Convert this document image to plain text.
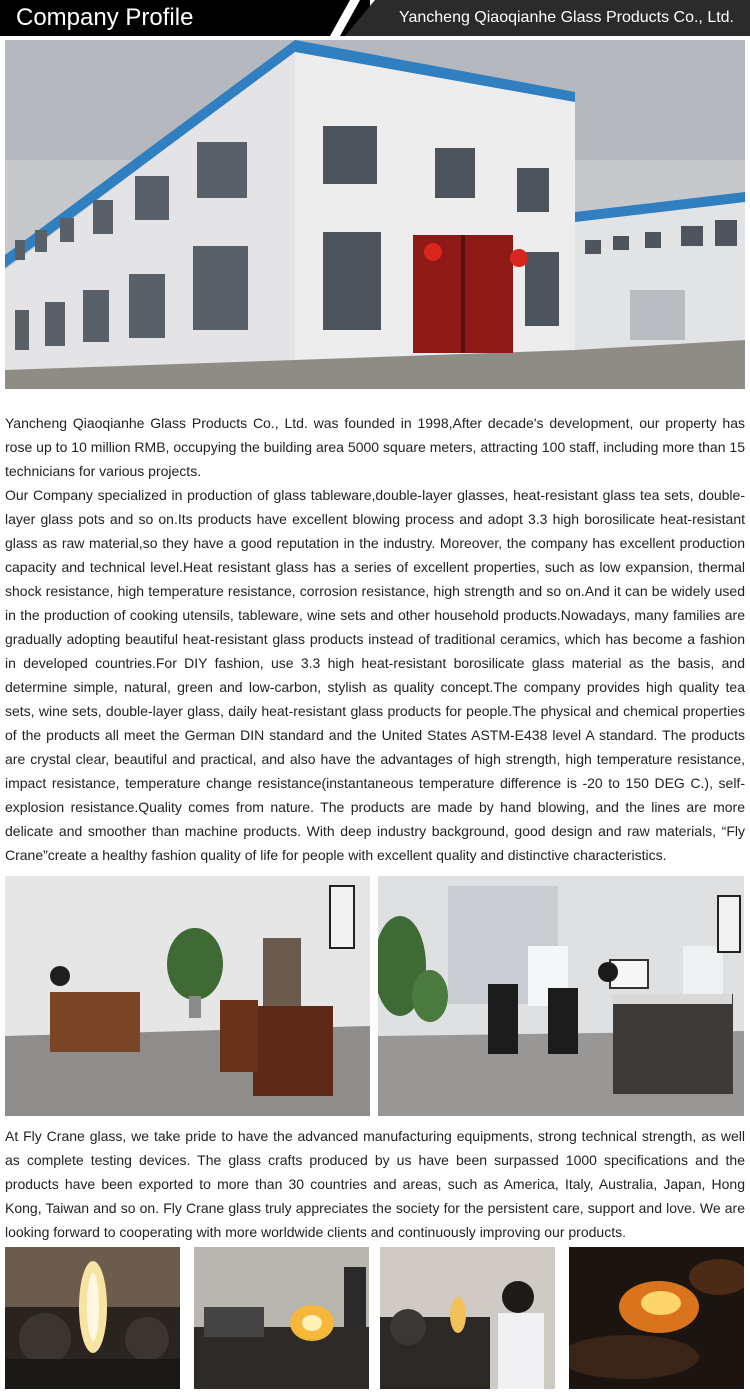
Company Profile	Yancheng Qiaoqianhe Glass Products Co., Ltd.

Yancheng Qiaoqianhe Glass Products Co., Ltd. was founded in 1998,After decade's development, our property has rose up to 10 million RMB, occupying the building area 5000 square meters, attracting 100 staff, including more than 15 technicians for various projects.

Our Company specialized in production of glass tableware,double-layer glasses, heat-resistant glass tea sets, double-layer glass pots and so on.Its products have excellent blowing process and adopt 3.3 high borosilicate heat-resistant glass as raw material,so they have a good reputation in the industry. Moreover, the company has excellent production capacity and technical level.Heat resistant glass has a series of excellent properties, such as low expansion, thermal shock resistance, high temperature resistance, corrosion resistance, high strength and so on.And it can be widely used in the production of cooking utensils, tableware, wine sets and other household products.Nowadays, many families are gradually adopting beautiful heat-resistant glass products instead of traditional ceramics, which has become a fashion in developed countries.For DIY fashion, use 3.3 high heat-resistant borosilicate glass material as the basis, and determine simple, natural, green and low-carbon, stylish as quality concept.The company provides high quality tea sets, wine sets, double-layer glass, daily heat-resistant glass products for people.The physical and chemical properties of the products all meet the German DIN standard and the United States ASTM-E438 level A standard. The products are crystal clear, beautiful and practical, and also have the advantages of high strength, high temperature resistance, impact resistance, temperature change resistance(instantaneous temperature difference is -20 to 150 DEG C.), self-explosion resistance.Quality comes from nature. The products are made by hand blowing, and the lines are more delicate and smoother than machine products. With deep industry background, good design and raw materials, “Fly Crane”create a healthy fashion quality of life for people with excellent quality and distinctive characteristics.

At Fly Crane glass, we take pride to have the advanced manufacturing equipments, strong technical strength, as well as complete testing devices. The glass crafts produced by us have been surpassed 1000 specifications and the products have been exported to more than 30 countries and areas, such as America, Italy, Australia, Japan, Hong Kong, Taiwan and so on. Fly Crane glass truly appreciates the society for the persistent care, support and love. We are looking forward to cooperating with more worldwide clients and continuously improving our products.
